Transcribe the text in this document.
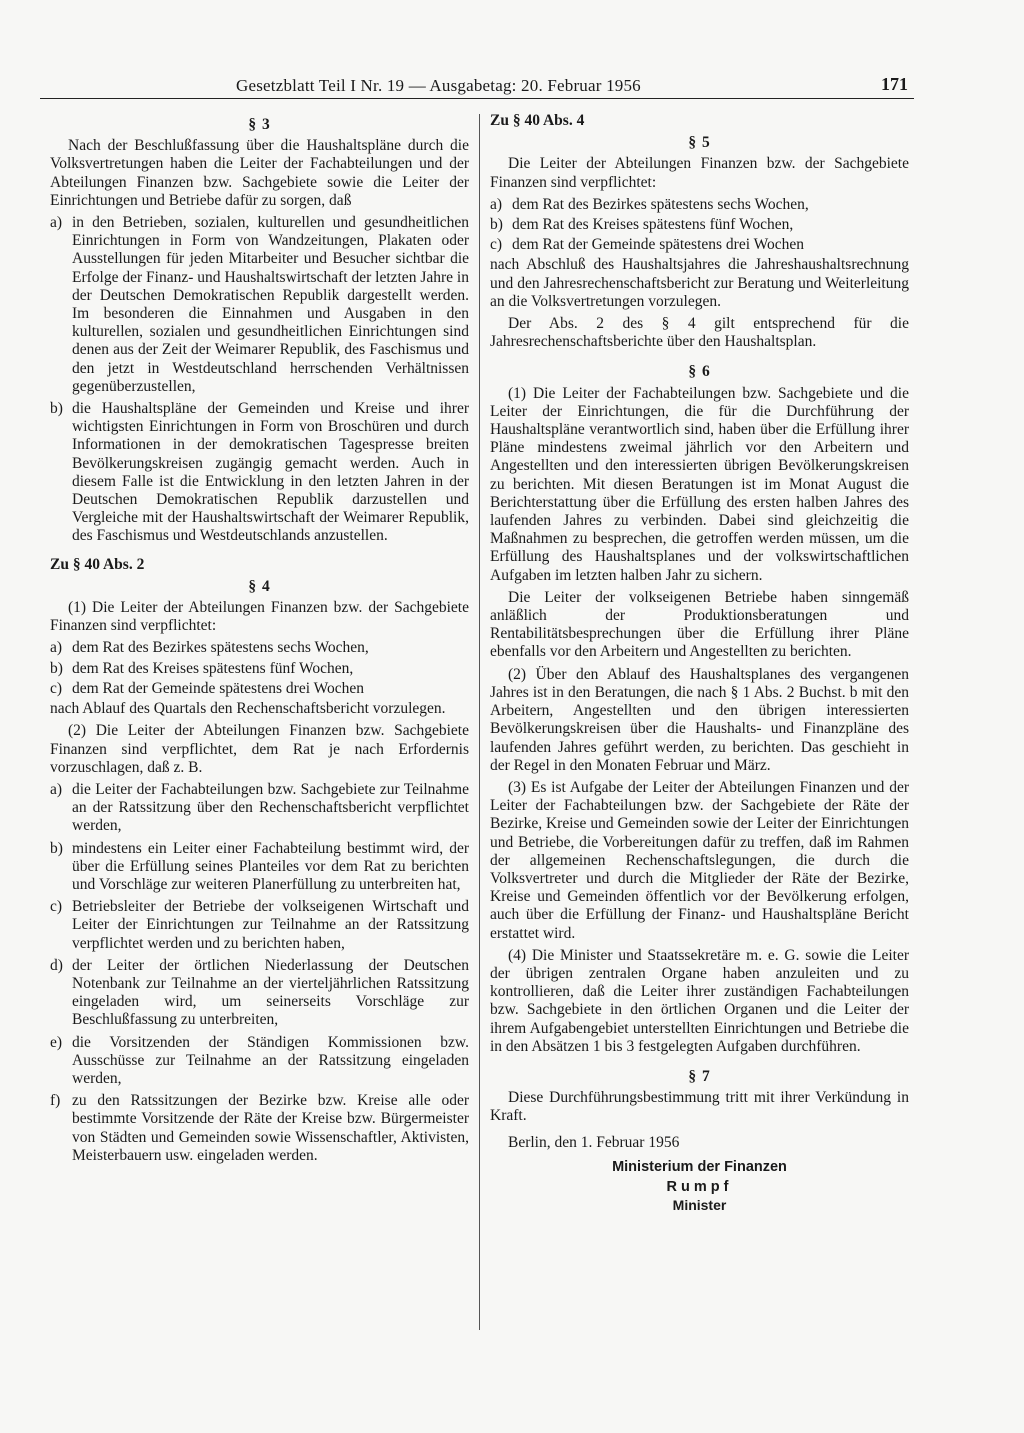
Gesetzblatt Teil I Nr. 19 — Ausgabetag: 20. Februar 1956	171

§ 3

Nach der Beschlußfassung über die Haushaltspläne durch die Volksvertretungen haben die Leiter der Fachabteilungen und der Abteilungen Finanzen bzw. Sachgebiete sowie die Leiter der Einrichtungen und Betriebe dafür zu sorgen, daß

a) in den Betrieben, sozialen, kulturellen und gesundheitlichen Einrichtungen in Form von Wandzeitungen, Plakaten oder Ausstellungen für jeden Mitarbeiter und Besucher sichtbar die Erfolge der Finanz- und Haushaltswirtschaft der letzten Jahre in der Deutschen Demokratischen Republik dargestellt werden. Im besonderen die Einnahmen und Ausgaben in den kulturellen, sozialen und gesundheitlichen Einrichtungen sind denen aus der Zeit der Weimarer Republik, des Faschismus und den jetzt in Westdeutschland herrschenden Verhältnissen gegenüberzustellen,
b) die Haushaltspläne der Gemeinden und Kreise und ihrer wichtigsten Einrichtungen in Form von Broschüren und durch Informationen in der demokratischen Tagespresse breiten Bevölkerungskreisen zugängig gemacht werden. Auch in diesem Falle ist die Entwicklung in den letzten Jahren in der Deutschen Demokratischen Republik darzustellen und Vergleiche mit der Haushaltswirtschaft der Weimarer Republik, des Faschismus und Westdeutschlands anzustellen.

Zu § 40 Abs. 2

§ 4

(1) Die Leiter der Abteilungen Finanzen bzw. der Sachgebiete Finanzen sind verpflichtet:

a) dem Rat des Bezirkes spätestens sechs Wochen,
b) dem Rat des Kreises spätestens fünf Wochen,
c) dem Rat der Gemeinde spätestens drei Wochen

nach Ablauf des Quartals den Rechenschaftsbericht vorzulegen.

(2) Die Leiter der Abteilungen Finanzen bzw. Sachgebiete Finanzen sind verpflichtet, dem Rat je nach Erfordernis vorzuschlagen, daß z. B.

a) die Leiter der Fachabteilungen bzw. Sachgebiete zur Teilnahme an der Ratssitzung über den Rechenschaftsbericht verpflichtet werden,
b) mindestens ein Leiter einer Fachabteilung bestimmt wird, der über die Erfüllung seines Planteiles vor dem Rat zu berichten und Vorschläge zur weiteren Planerfüllung zu unterbreiten hat,
c) Betriebsleiter der Betriebe der volkseigenen Wirtschaft und Leiter der Einrichtungen zur Teilnahme an der Ratssitzung verpflichtet werden und zu berichten haben,
d) der Leiter der örtlichen Niederlassung der Deutschen Notenbank zur Teilnahme an der vierteljährlichen Ratssitzung eingeladen wird, um seinerseits Vorschläge zur Beschlußfassung zu unterbreiten,
e) die Vorsitzenden der Ständigen Kommissionen bzw. Ausschüsse zur Teilnahme an der Ratssitzung eingeladen werden,
f) zu den Ratssitzungen der Bezirke bzw. Kreise alle oder bestimmte Vorsitzende der Räte der Kreise bzw. Bürgermeister von Städten und Gemeinden sowie Wissenschaftler, Aktivisten, Meisterbauern usw. eingeladen werden.

Zu § 40 Abs. 4

§ 5

Die Leiter der Abteilungen Finanzen bzw. der Sachgebiete Finanzen sind verpflichtet:

a) dem Rat des Bezirkes spätestens sechs Wochen,
b) dem Rat des Kreises spätestens fünf Wochen,
c) dem Rat der Gemeinde spätestens drei Wochen

nach Abschluß des Haushaltsjahres die Jahreshaushaltsrechnung und den Jahresrechenschaftsbericht zur Beratung und Weiterleitung an die Volksvertretungen vorzulegen.

Der Abs. 2 des § 4 gilt entsprechend für die Jahresrechenschaftsberichte über den Haushaltsplan.

§ 6

(1) Die Leiter der Fachabteilungen bzw. Sachgebiete und die Leiter der Einrichtungen, die für die Durchführung der Haushaltspläne verantwortlich sind, haben über die Erfüllung ihrer Pläne mindestens zweimal jährlich vor den Arbeitern und Angestellten und den interessierten übrigen Bevölkerungskreisen zu berichten. Mit diesen Beratungen ist im Monat August die Berichterstattung über die Erfüllung des ersten halben Jahres des laufenden Jahres zu verbinden. Dabei sind gleichzeitig die Maßnahmen zu besprechen, die getroffen werden müssen, um die Erfüllung des Haushaltsplanes und der volkswirtschaftlichen Aufgaben im letzten halben Jahr zu sichern.

Die Leiter der volkseigenen Betriebe haben sinngemäß anläßlich der Produktionsberatungen und Rentabilitätsbesprechungen über die Erfüllung ihrer Pläne ebenfalls vor den Arbeitern und Angestellten zu berichten.

(2) Über den Ablauf des Haushaltsplanes des vergangenen Jahres ist in den Beratungen, die nach § 1 Abs. 2 Buchst. b mit den Arbeitern, Angestellten und den übrigen interessierten Bevölkerungskreisen über die Haushalts- und Finanzpläne des laufenden Jahres geführt werden, zu berichten. Das geschieht in der Regel in den Monaten Februar und März.

(3) Es ist Aufgabe der Leiter der Abteilungen Finanzen und der Leiter der Fachabteilungen bzw. der Sachgebiete der Räte der Bezirke, Kreise und Gemeinden sowie der Leiter der Einrichtungen und Betriebe, die Vorbereitungen dafür zu treffen, daß im Rahmen der allgemeinen Rechenschaftslegungen, die durch die Volksvertreter und durch die Mitglieder der Räte der Bezirke, Kreise und Gemeinden öffentlich vor der Bevölkerung erfolgen, auch über die Erfüllung der Finanz- und Haushaltspläne Bericht erstattet wird.

(4) Die Minister und Staatssekretäre m. e. G. sowie die Leiter der übrigen zentralen Organe haben anzuleiten und zu kontrollieren, daß die Leiter ihrer zuständigen Fachabteilungen bzw. Sachgebiete in den örtlichen Organen und die Leiter der ihrem Aufgabengebiet unterstellten Einrichtungen und Betriebe die in den Absätzen 1 bis 3 festgelegten Aufgaben durchführen.

§ 7

Diese Durchführungsbestimmung tritt mit ihrer Verkündung in Kraft.

Berlin, den 1. Februar 1956

Ministerium der Finanzen

Rumpf

Minister
